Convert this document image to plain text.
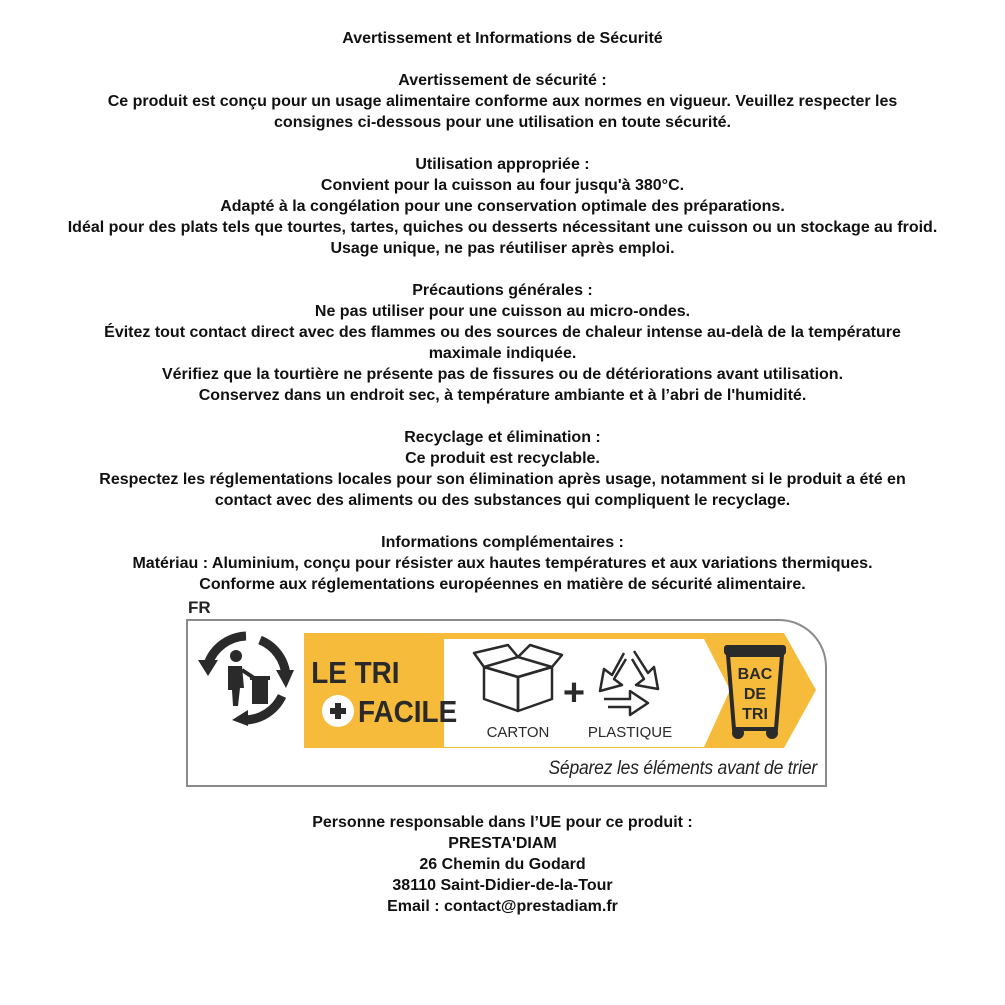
Avertissement et Informations de Sécurité

Avertissement de sécurité :

Ce produit est conçu pour un usage alimentaire conforme aux normes en vigueur. Veuillez respecter les

consignes ci-dessous pour une utilisation en toute sécurité.

Utilisation appropriée :

Convient pour la cuisson au four jusqu'à 380°C.

Adapté à la congélation pour une conservation optimale des préparations.

Idéal pour des plats tels que tourtes, tartes, quiches ou desserts nécessitant une cuisson ou un stockage au froid.

Usage unique, ne pas réutiliser après emploi.

Précautions générales :

Ne pas utiliser pour une cuisson au micro-ondes.

Évitez tout contact direct avec des flammes ou des sources de chaleur intense au-delà de la température

maximale indiquée.

Vérifiez que la tourtière ne présente pas de fissures ou de détériorations avant utilisation.

Conservez dans un endroit sec, à température ambiante et à l’abri de l'humidité.

Recyclage et élimination :

Ce produit est recyclable.

Respectez les réglementations locales pour son élimination après usage, notamment si le produit a été en

contact avec des aliments ou des substances qui compliquent le recyclage.

Informations complémentaires :

Matériau : Aluminium, conçu pour résister aux hautes températures et aux variations thermiques.

Conforme aux réglementations européennes en matière de sécurité alimentaire.

FR
LE TRI
FACILE
CARTON
+
PLASTIQUE
BAC
DE
TRI
Séparez les éléments avant de trier

Personne responsable dans l’UE pour ce produit :

PRESTA'DIAM

26 Chemin du Godard

38110 Saint-Didier-de-la-Tour

Email : contact@prestadiam.fr
